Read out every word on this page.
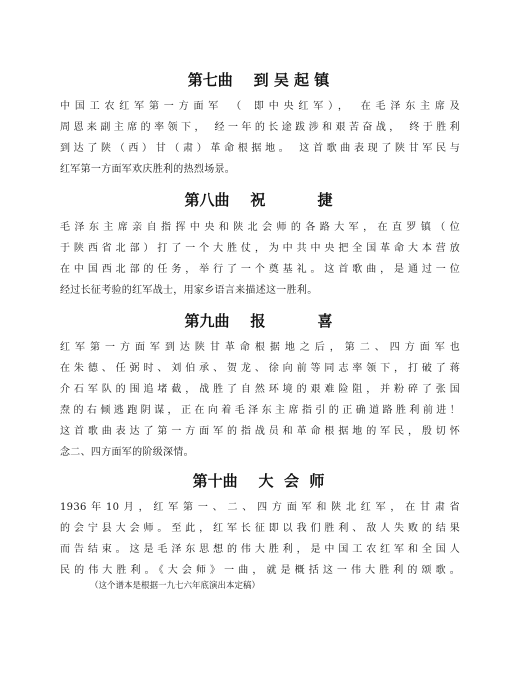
第七曲    到 吴 起 镇
中国工农红军第一方面军 （ 即中央红军）， 在毛泽东主席及
周恩来副主席的率领下， 经一年的长途跋涉和艰苦奋战， 终于胜利
到达了陕（西）甘（肃）革命根据地。 这首歌曲表现了陕甘军民与
红军第一方面军欢庆胜利的热烈场景。
第八曲    祝          捷
毛泽东主席亲自指挥中央和陕北会师的各路大军，在直罗镇（位
于陕西省北部）打了一个大胜仗，为中共中央把全国革命大本营放
在中国西北部的任务，举行了一个奠基礼。这首歌曲，是通过一位
经过长征考验的红军战士，用家乡语言来描述这一胜利。
第九曲    报          喜
红军第一方面军到达陕甘革命根据地之后，第二、四方面军也
在朱德、任弼时、刘伯承、贺龙、徐向前等同志率领下，打破了蒋
介石军队的围追堵截，战胜了自然环境的艰难险阻，并粉碎了张国
焘的右倾逃跑阴谋，正在向着毛泽东主席指引的正确道路胜利前进！
这首歌曲表达了第一方面军的指战员和革命根据地的军民，殷切怀
念二、四方面军的阶级深情。
第十曲    大  会  师
1936年10月，红军第一、二、四方面军和陕北红军，在甘肃省
的会宁县大会师。至此，红军长征即以我们胜利、敌人失败的结果
而告结束。这是毛泽东思想的伟大胜利，是中国工农红军和全国人
民的伟大胜利。《大会师》一曲，就是概括这一伟大胜利的颂歌。
（这个谱本是根据一九七六年底演出本定稿）
